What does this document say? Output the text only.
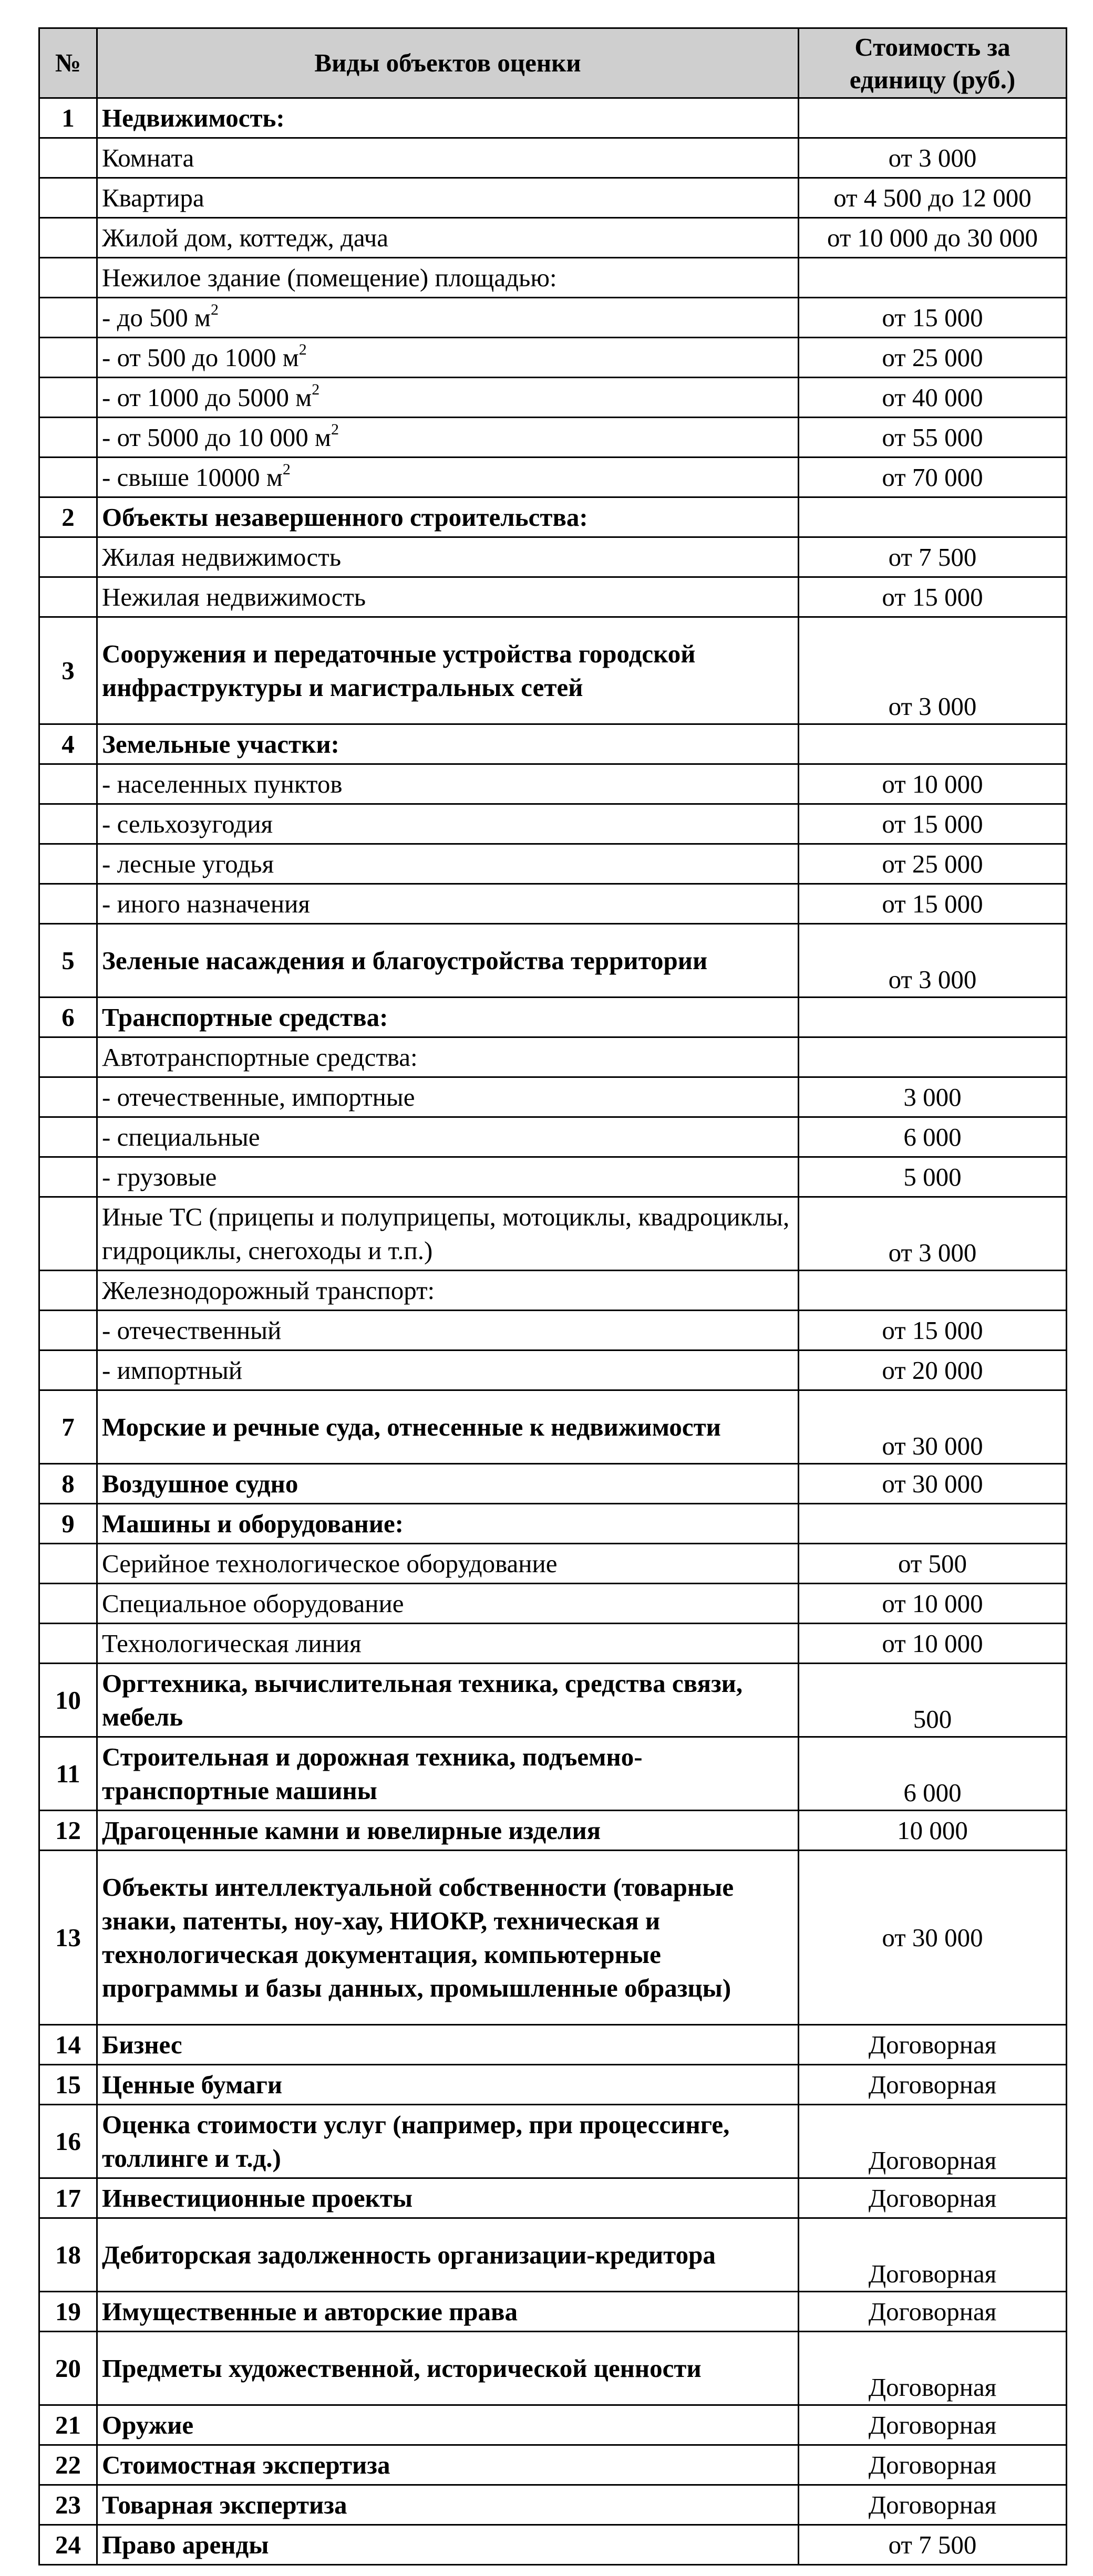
№	Виды объектов оценки	Стоимость за
единицу (руб.)
1	Недвижимость:	
	Комната	от 3 000
	Квартира	от 4 500 до 12 000
	Жилой дом, коттедж, дача	от 10 000 до 30 000
	Нежилое здание (помещение) площадью:	
	- до 500 $м^2$	от 15 000
	- от 500 до 1000 $м^2$	от 25 000
	- от 1000 до 5000 $м^2$	от 40 000
	- от 5000 до 10 000 $м^2$	от 55 000
	- свыше 10000 $м^2$	от 70 000
2	Объекты незавершенного строительства:	
	Жилая недвижимость	от 7 500
	Нежилая недвижимость	от 15 000
3	Сооружения и передаточные устройства городской инфраструктуры и магистральных сетей	от 3 000
4	Земельные участки:	
	- населенных пунктов	от 10 000
	- сельхозугодия	от 15 000
	- лесные угодья	от 25 000
	- иного назначения	от 15 000
5	Зеленые насаждения и благоустройства территории	от 3 000
6	Транспортные средства:	
	Автотранспортные средства:	
	- отечественные, импортные	3 000
	- специальные	6 000
	- грузовые	5 000
	Иные ТС (прицепы и полуприцепы, мотоциклы, квадроциклы, гидроциклы, снегоходы и т.п.)	от 3 000
	Железнодорожный транспорт:	
	- отечественный	от 15 000
	- импортный	от 20 000
7	Морские и речные суда, отнесенные к недвижимости	от 30 000
8	Воздушное судно	от 30 000
9	Машины и оборудование:	
	Серийное технологическое оборудование	от 500
	Специальное оборудование	от 10 000
	Технологическая линия	от 10 000
10	Оргтехника, вычислительная техника, средства связи, мебель	500
11	Строительная и дорожная техника, подъемно-транспортные машины	6 000
12	Драгоценные камни и ювелирные изделия	10 000
13	Объекты интеллектуальной собственности (товарные знаки, патенты, ноу-хау, НИОКР, техническая и технологическая документация, компьютерные программы и базы данных, промышленные образцы)	от 30 000
14	Бизнес	Договорная
15	Ценные бумаги	Договорная
16	Оценка стоимости услуг (например, при процессинге, толлинге и т.д.)	Договорная
17	Инвестиционные проекты	Договорная
18	Дебиторская задолженность организации-кредитора	Договорная
19	Имущественные и авторские права	Договорная
20	Предметы художественной, исторической ценности	Договорная
21	Оружие	Договорная
22	Стоимостная экспертиза	Договорная
23	Товарная экспертиза	Договорная
24	Право аренды	от 7 500
